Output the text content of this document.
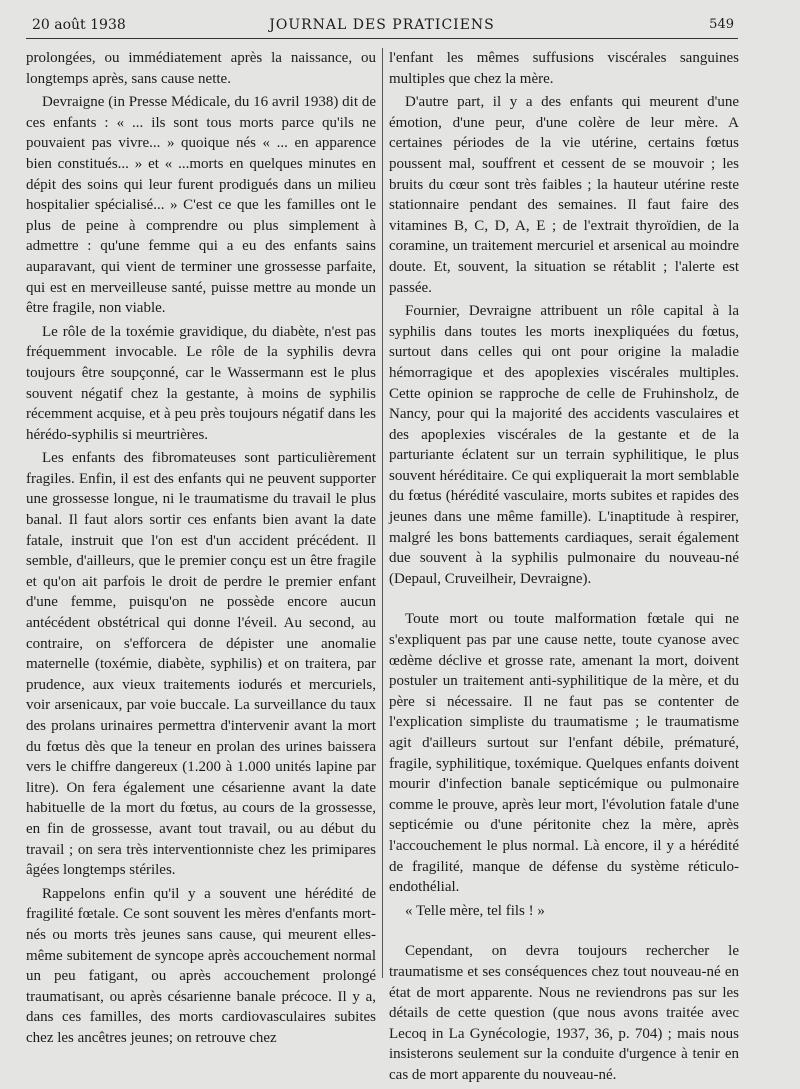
20 août 1938	JOURNAL DES PRATICIENS	549

prolongées, ou immédiatement après la naissance, ou longtemps après, sans cause nette.

Devraigne (in Presse Médicale, du 16 avril 1938) dit de ces enfants : « ... ils sont tous morts parce qu'ils ne pouvaient pas vivre... » quoique nés « ... en apparence bien constitués... » et « ...morts en quelques minutes en dépit des soins qui leur furent prodigués dans un milieu hospitalier spécialisé... » C'est ce que les familles ont le plus de peine à comprendre ou plus simplement à admettre : qu'une femme qui a eu des enfants sains auparavant, qui vient de terminer une grossesse parfaite, qui est en merveilleuse santé, puisse mettre au monde un être fragile, non viable.

Le rôle de la toxémie gravidique, du diabète, n'est pas fréquemment invocable. Le rôle de la syphilis devra toujours être soupçonné, car le Wassermann est le plus souvent négatif chez la gestante, à moins de syphilis récemment acquise, et à peu près toujours négatif dans les hérédo-syphilis si meurtrières.

Les enfants des fibromateuses sont particulièrement fragiles. Enfin, il est des enfants qui ne peuvent supporter une grossesse longue, ni le traumatisme du travail le plus banal. Il faut alors sortir ces enfants bien avant la date fatale, instruit que l'on est d'un accident précédent. Il semble, d'ailleurs, que le premier conçu est un être fragile et qu'on ait parfois le droit de perdre le premier enfant d'une femme, puisqu'on ne possède encore aucun antécédent obstétrical qui donne l'éveil. Au second, au contraire, on s'efforcera de dépister une anomalie maternelle (toxémie, diabète, syphilis) et on traitera, par prudence, aux vieux traitements iodurés et mercuriels, voir arsenicaux, par voie buccale. La surveillance du taux des prolans urinaires permettra d'intervenir avant la mort du fœtus dès que la teneur en prolan des urines baissera vers le chiffre dangereux (1.200 à 1.000 unités lapine par litre). On fera également une césarienne avant la date habituelle de la mort du fœtus, au cours de la grossesse, en fin de grossesse, avant tout travail, ou au début du travail ; on sera très interventionniste chez les primipares âgées longtemps stériles.

Rappelons enfin qu'il y a souvent une hérédité de fragilité fœtale. Ce sont souvent les mères d'enfants mort-nés ou morts très jeunes sans cause, qui meurent elles-même subitement de syncope après accouchement normal un peu fatigant, ou après accouchement prolongé traumatisant, ou après césarienne banale précoce. Il y a, dans ces familles, des morts cardiovasculaires subites chez les ancêtres jeunes; on retrouve chez

l'enfant les mêmes suffusions viscérales sanguines multiples que chez la mère.

D'autre part, il y a des enfants qui meurent d'une émotion, d'une peur, d'une colère de leur mère. A certaines périodes de la vie utérine, certains fœtus poussent mal, souffrent et cessent de se mouvoir ; les bruits du cœur sont très faibles ; la hauteur utérine reste stationnaire pendant des semaines. Il faut faire des vitamines B, C, D, A, E ; de l'extrait thyroïdien, de la coramine, un traitement mercuriel et arsenical au moindre doute. Et, souvent, la situation se rétablit ; l'alerte est passée.

Fournier, Devraigne attribuent un rôle capital à la syphilis dans toutes les morts inexpliquées du fœtus, surtout dans celles qui ont pour origine la maladie hémorragique et des apoplexies viscérales multiples. Cette opinion se rapproche de celle de Fruhinsholz, de Nancy, pour qui la majorité des accidents vasculaires et des apoplexies viscérales de la gestante et de la parturiante éclatent sur un terrain syphilitique, le plus souvent héréditaire. Ce qui expliquerait la mort semblable du fœtus (hérédité vasculaire, morts subites et rapides des jeunes dans une même famille). L'inaptitude à respirer, malgré les bons battements cardiaques, serait également due souvent à la syphilis pulmonaire du nouveau-né (Depaul, Cruveilheir, Devraigne).

Toute mort ou toute malformation fœtale qui ne s'expliquent pas par une cause nette, toute cyanose avec œdème déclive et grosse rate, amenant la mort, doivent postuler un traitement anti-syphilitique de la mère, et du père si nécessaire. Il ne faut pas se contenter de l'explication simpliste du traumatisme ; le traumatisme agit d'ailleurs surtout sur l'enfant débile, prématuré, fragile, syphilitique, toxémique. Quelques enfants doivent mourir d'infection banale septicémique ou pulmonaire comme le prouve, après leur mort, l'évolution fatale d'une septicémie ou d'une péritonite chez la mère, après l'accouchement le plus normal. Là encore, il y a hérédité de fragilité, manque de défense du système réticulo-endothélial.

« Telle mère, tel fils ! »

Cependant, on devra toujours rechercher le traumatisme et ses conséquences chez tout nouveau-né en état de mort apparente. Nous ne reviendrons pas sur les détails de cette question (que nous avons traitée avec Lecoq in La Gynécologie, 1937, 36, p. 704) ; mais nous insisterons seulement sur la conduite d'urgence à tenir en cas de mort apparente du nouveau-né.
